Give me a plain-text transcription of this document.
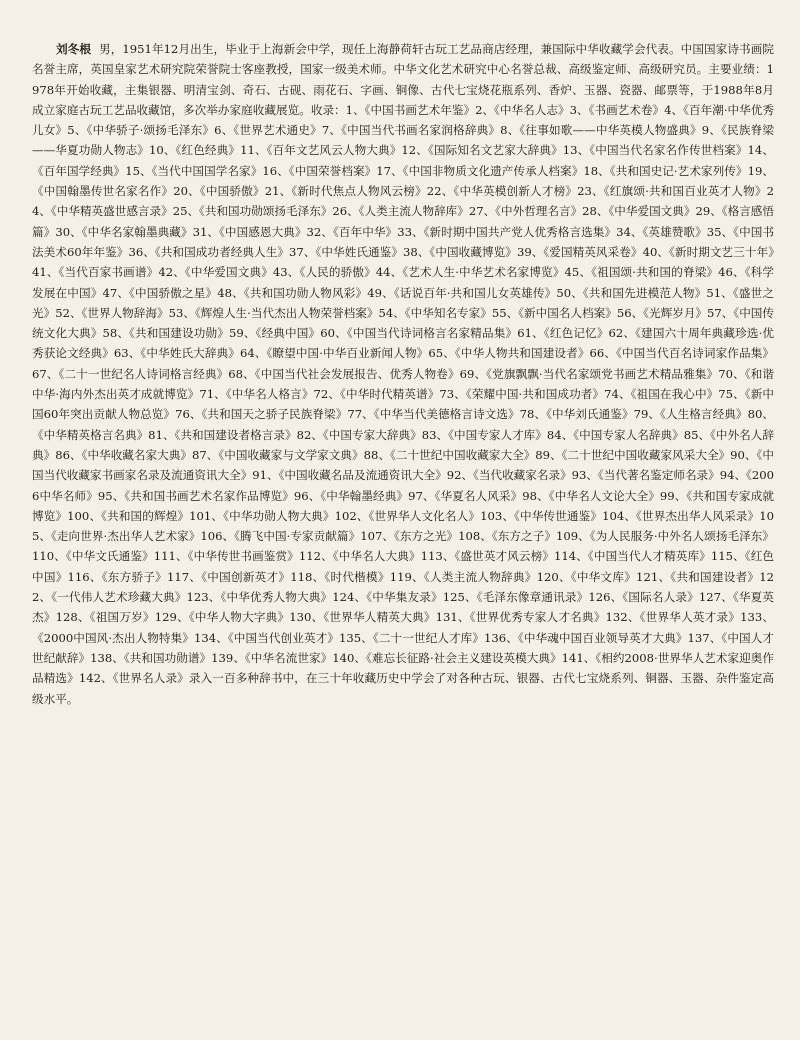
刘冬根 男，1951年12月出生，毕业于上海新会中学，现任上海静荷轩古玩工艺品商店经理，兼国际中华收藏学会代表。中国国家诗书画院名誉主席，英国皇家艺术研究院荣誉院士客座教授，国家一级美术师。中华文化艺术研究中心名誉总裁、高级鉴定师、高级研究员。主要业绩：1978年开始收藏，主集银器、明清宝剑、奇石、古砚、雨花石、字画、铜像、古代七宝烧花瓶系列、香炉、玉器、瓷器、邮票等，于1988年8月成立家庭古玩工艺品收藏馆，多次举办家庭收藏展览。收录：1、《中国书画艺术年鉴》2、《中华名人志》3、《书画艺术卷》4、《百年潮·中华优秀儿女》5、《中华骄子·颂扬毛泽东》6、《世界艺术通史》7、《中国当代书画名家润格辞典》8、《往事如歌——中华英模人物盛典》9、《民族脊梁——华夏功勋人物志》10、《红色经典》11、《百年文艺风云人物大典》12、《国际知名文艺家大辞典》13、《中国当代名家名作传世档案》14、《百年国学经典》15、《当代中国国学名家》16、《中国荣誉档案》17、《中国非物质文化遗产传承人档案》18、《共和国史记·艺术家列传》19、《中国翰墨传世名家名作》20、《中国骄傲》21、《新时代焦点人物风云榜》22、《中华英模创新人才榜》23、《红旗颂·共和国百业英才人物》24、《中华精英盛世感言录》25、《共和国功勋颂扬毛泽东》26、《人类主流人物辞库》27、《中外哲理名言》28、《中华爱国文典》29、《格言感悟篇》30、《中华名家翰墨典藏》31、《中国感恩大典》32、《百年中华》33、《新时期中国共产党人优秀格言选集》34、《英雄赞歌》35、《中国书法美术60年年鉴》36、《共和国成功者经典人生》37、《中华姓氏通鉴》38、《中国收藏博览》39、《爱国精英风采卷》40、《新时期文艺三十年》41、《当代百家书画谱》42、《中华爱国文典》43、《人民的骄傲》44、《艺术人生·中华艺术名家博览》45、《祖国颂·共和国的脊梁》46、《科学发展在中国》47、《中国骄傲之星》48、《共和国功勋人物风彩》49、《话说百年·共和国儿女英雄传》50、《共和国先进模范人物》51、《盛世之光》52、《世界人物辞海》53、《辉煌人生·当代杰出人物荣誉档案》54、《中华知名专家》55、《新中国名人档案》56、《光辉岁月》57、《中国传统文化大典》58、《共和国建设功勋》59、《经典中国》60、《中国当代诗词格言名家精品集》61、《红色记忆》62、《建国六十周年典藏珍选·优秀获论文经典》63、《中华姓氏大辞典》64、《瞭望中国·中华百业新闻人物》65、《中华人物共和国建设者》66、《中国当代百名诗词家作品集》67、《二十一世纪名人诗词格言经典》68、《中国当代社会发展报告、优秀人物卷》69、《党旗飘飘·当代名家颂党书画艺术精品雅集》70、《和谐中华·海内外杰出英才成就博览》71、《中华名人格言》72、《中华时代精英谱》73、《荣耀中国·共和国成功者》74、《祖国在我心中》75、《新中国60年突出贡献人物总览》76、《共和国天之骄子民族脊梁》77、《中华当代美德格言诗文选》78、《中华刘氏通鉴》79、《人生格言经典》80、《中华精英格言名典》81、《共和国建设者格言录》82、《中国专家大辞典》83、《中国专家人才库》84、《中国专家人名辞典》85、《中外名人辞典》86、《中华收藏名家大典》87、《中国收藏家与文学家文典》88、《二十世纪中国收藏家大全》89、《二十世纪中国收藏家风采大全》90、《中国当代收藏家书画家名录及流通资讯大全》91、《中国收藏名品及流通资讯大全》92、《当代收藏家名录》93、《当代著名鉴定师名录》94、《2006中华名师》95、《共和国书画艺术名家作品博览》96、《中华翰墨经典》97、《华夏名人风采》98、《中华名人文论大全》99、《共和国专家成就博览》100、《共和国的辉煌》101、《中华功勋人物大典》102、《世界华人文化名人》103、《中华传世通鉴》104、《世界杰出华人风采录》105、《走向世界·杰出华人艺术家》106、《腾飞中国·专家贡献篇》107、《东方之光》108、《东方之子》109、《为人民服务·中外名人颂扬毛泽东》110、《中华文氏通鉴》111、《中华传世书画鉴赏》112、《中华名人大典》113、《盛世英才风云榜》114、《中国当代人才精英库》115、《红色中国》116、《东方骄子》117、《中国创新英才》118、《时代楷模》119、《人类主流人物辞典》120、《中华文库》121、《共和国建设者》122、《一代伟人艺术珍藏大典》123、《中华优秀人物大典》124、《中华集友录》125、《毛泽东像章通讯录》126、《国际名人录》127、《华夏英杰》128、《祖国万岁》129、《中华人物大字典》130、《世界华人精英大典》131、《世界优秀专家人才名典》132、《世界华人英才录》133、《2000中国风·杰出人物特集》134、《中国当代创业英才》135、《二十一世纪人才库》136、《中华魂中国百业领导英才大典》137、《中国人才世纪献辞》138、《共和国功勋谱》139、《中华名流世家》140、《难忘长征路·社会主义建设英模大典》141、《相约2008·世界华人艺术家迎奥作品精选》142、《世界名人录》录入一百多种辞书中，在三十年收藏历史中学会了对各种古玩、银器、古代七宝烧系列、铜器、玉器、杂件鉴定高级水平。
